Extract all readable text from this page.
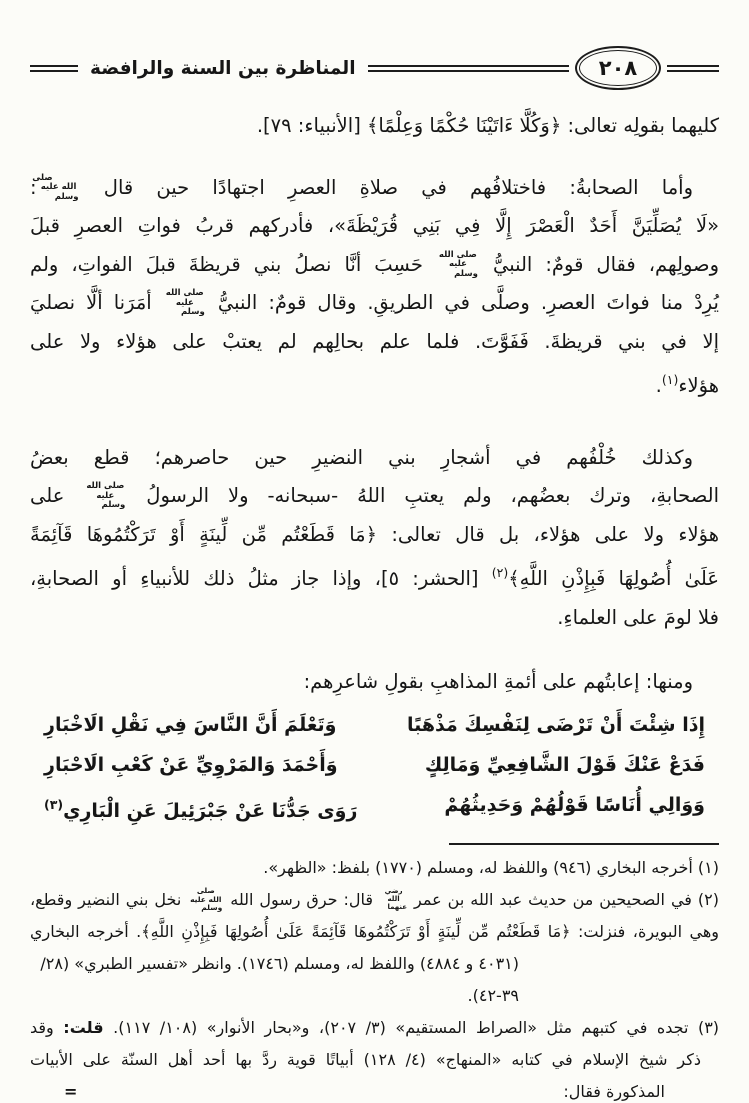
٢٠٨
المناظرة بين السنة والرافضة
كليهما بقولِه تعالى: ﴿وَكُلَّا ءَاتَيْنَا حُكْمًا وَعِلْمًا﴾ [الأنبياء: ٧٩].
وأما الصحابةُ: فاختلافُهم في صلاةِ العصرِ اجتهادًا حين قال صلى الله عليه وسلم:
«لَا يُصَلِّيَنَّ أَحَدٌ الْعَصْرَ إِلَّا فِي بَنِي قُرَيْظَةَ»، فأدركهم قربُ فواتِ العصرِ قبلَ
وصولِهم، فقال قومٌ: النبيُّ صلى الله عليه وسلم حَسِبَ أنَّا نصلُ بني قريظةَ قبلَ الفواتِ، ولم
يُرِدْ منا فواتَ العصرِ. وصلَّى في الطريقِ. وقال قومٌ: النبيُّ صلى الله عليه وسلم أمَرَنا ألَّا نصليَ
إلا في بني قريظةَ. فَفَوَّتَ. فلما علم بحالِهم لم يعتبْ على هؤلاء ولا على
هؤلاء$^{(١)}$.
وكذلك خُلْفُهم في أشجارِ بني النضيرِ حين حاصرهم؛ قطع بعضُ
الصحابةِ، وترك بعضُهم، ولم يعتبِ اللهُ -سبحانه- ولا الرسولُ صلى الله عليه وسلم على
هؤلاء ولا على هؤلاء، بل قال تعالى: ﴿مَا قَطَعْتُم مِّن لِّينَةٍ أَوْ تَرَكْتُمُوهَا قَآئِمَةً
عَلَىٰ أُصُولِهَا فَبِإِذْنِ اللَّهِ﴾$^{(٢)}$ [الحشر: ٥]، وإذا جاز مثلُ ذلك للأنبياءِ أو الصحابةِ،
فلا لومَ على العلماءِ.
ومنها: إعابتُهم على أئمةِ المذاهبِ بقولِ شاعرِهم:
إِذَا شِئْتَ أَنْ تَرْضَى لِنَفْسِكَ مَذْهَبًا
وَتَعْلَمَ أَنَّ النَّاسَ فِي نَقْلِ الَاخْبَارِ
فَدَعْ عَنْكَ قَوْلَ الشَّافِعِيِّ وَمَالِكٍ
وَأَحْمَدَ وَالمَرْوِيِّ عَنْ كَعْبِ الَاحْبَارِ
وَوَالِي أُنَاسًا قَوْلُهُمْ وَحَدِيثُهُمْ
رَوَى جَدُّنَا عَنْ جَبْرَئِيلَ عَنِ الْبَارِي$^{(٣)}$
(١) أخرجه البخاري (٩٤٦) واللفظ له، ومسلم (١٧٧٠) بلفظ: «الظهر».
(٢) في الصحيحين من حديث عبد الله بن عمر رضي الله عنهما قال: حرق رسول الله صلى الله عليه وسلم نخل بني النضير وقطع،
وهي البويرة، فنزلت: ﴿مَا قَطَعْتُم مِّن لِّينَةٍ أَوْ تَرَكْتُمُوهَا قَآئِمَةً عَلَىٰ أُصُولِهَا فَبِإِذْنِ اللَّهِ﴾. أخرجه البخاري
(٤٠٣١ و ٤٨٨٤) واللفظ له، ومسلم (١٧٤٦). وانظر «تفسير الطبري» (٢٨/ ٣٩-٤٢).
(٣) تجده في كتبهم مثل «الصراط المستقيم» (٣/ ٢٠٧)، و«بحار الأنوار» (١٠٨/ ١١٧). قلت: وقد
ذكر شيخ الإسلام في كتابه «المنهاج» (٤/ ١٢٨) أبياتًا قوية ردَّ بها أحد أهل السنّة على الأبيات
المذكورة فقال:
=
